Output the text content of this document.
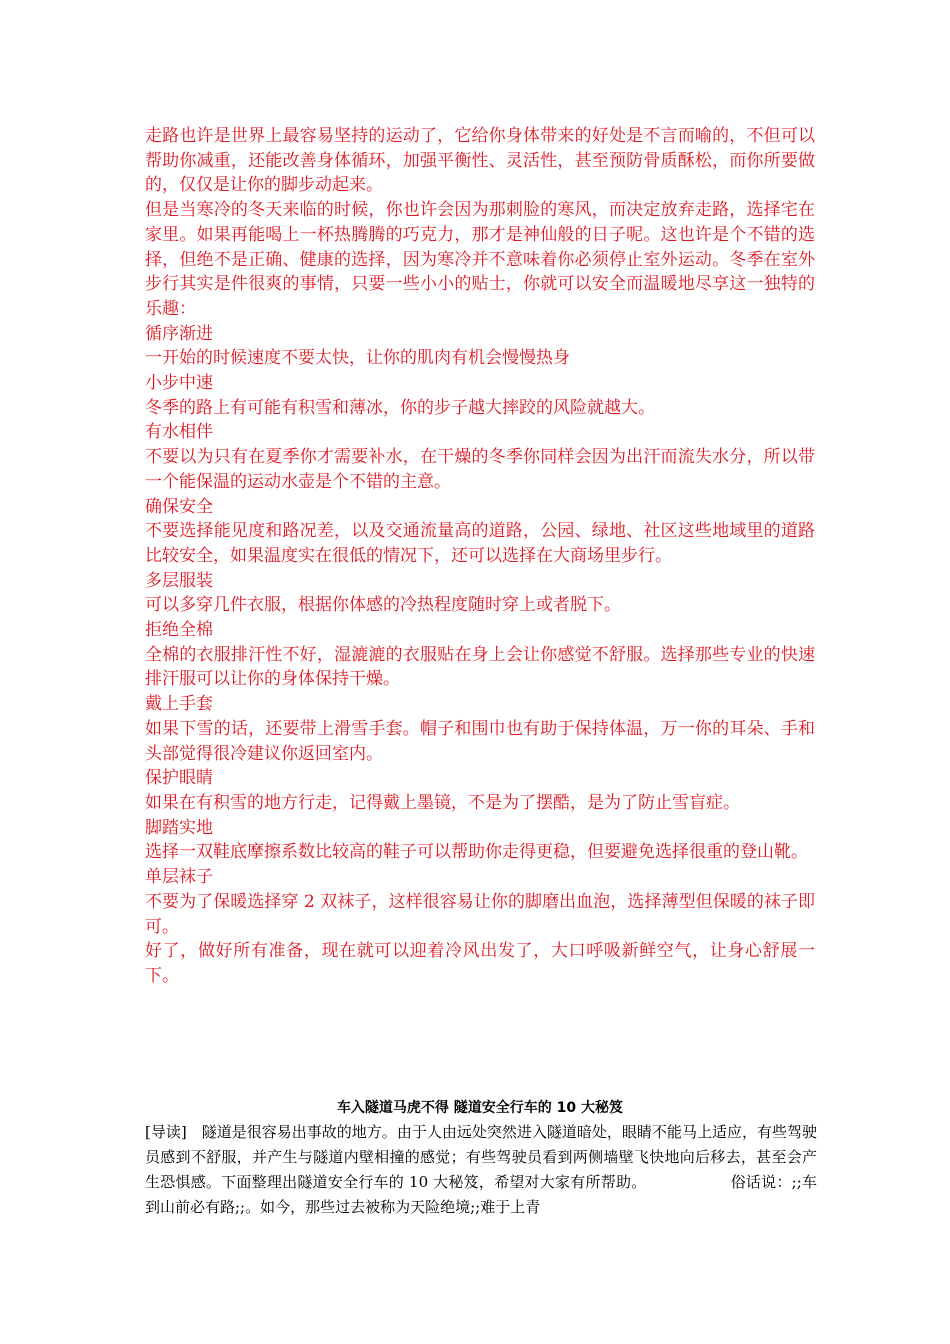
走路也许是世界上最容易坚持的运动了，它给你身体带来的好处是不言而喻的，不但可以帮助你减重，还能改善身体循环，加强平衡性、灵活性，甚至预防骨质酥松，而你所要做的，仅仅是让你的脚步动起来。

但是当寒冷的冬天来临的时候，你也许会因为那刺脸的寒风，而决定放弃走路，选择宅在家里。如果再能喝上一杯热腾腾的巧克力，那才是神仙般的日子呢。这也许是个不错的选择，但绝不是正确、健康的选择，因为寒冷并不意味着你必须停止室外运动。冬季在室外步行其实是件很爽的事情，只要一些小小的贴士，你就可以安全而温暖地尽享这一独特的乐趣：

循序渐进

一开始的时候速度不要太快，让你的肌肉有机会慢慢热身

小步中速

冬季的路上有可能有积雪和薄冰，你的步子越大摔跤的风险就越大。

有水相伴

不要以为只有在夏季你才需要补水，在干燥的冬季你同样会因为出汗而流失水分，所以带一个能保温的运动水壶是个不错的主意。

确保安全

不要选择能见度和路况差，以及交通流量高的道路，公园、绿地、社区这些地域里的道路比较安全，如果温度实在很低的情况下，还可以选择在大商场里步行。

多层服装

可以多穿几件衣服，根据你体感的冷热程度随时穿上或者脱下。

拒绝全棉

全棉的衣服排汗性不好，湿漉漉的衣服贴在身上会让你感觉不舒服。选择那些专业的快速排汗服可以让你的身体保持干燥。

戴上手套

如果下雪的话，还要带上滑雪手套。帽子和围巾也有助于保持体温，万一你的耳朵、手和头部觉得很冷建议你返回室内。

保护眼睛

如果在有积雪的地方行走，记得戴上墨镜，不是为了摆酷，是为了防止雪盲症。

脚踏实地

选择一双鞋底摩擦系数比较高的鞋子可以帮助你走得更稳，但要避免选择很重的登山靴。

单层袜子

不要为了保暖选择穿 2 双袜子，这样很容易让你的脚磨出血泡，选择薄型但保暖的袜子即可。

好了，做好所有准备，现在就可以迎着冷风出发了，大口呼吸新鲜空气，让身心舒展一下。

车入隧道马虎不得 隧道安全行车的 10 大秘笈

[导读]　隧道是很容易出事故的地方。由于人由远处突然进入隧道暗处，眼睛不能马上适应，有些驾驶员感到不舒服，并产生与隧道内壁相撞的感觉；有些驾驶员看到两侧墙壁飞快地向后移去，甚至会产生恐惧感。下面整理出隧道安全行车的 10 大秘笈，希望对大家有所帮助。	俗话说：;;车到山前必有路;;。如今，那些过去被称为天险绝境;;难于上青
